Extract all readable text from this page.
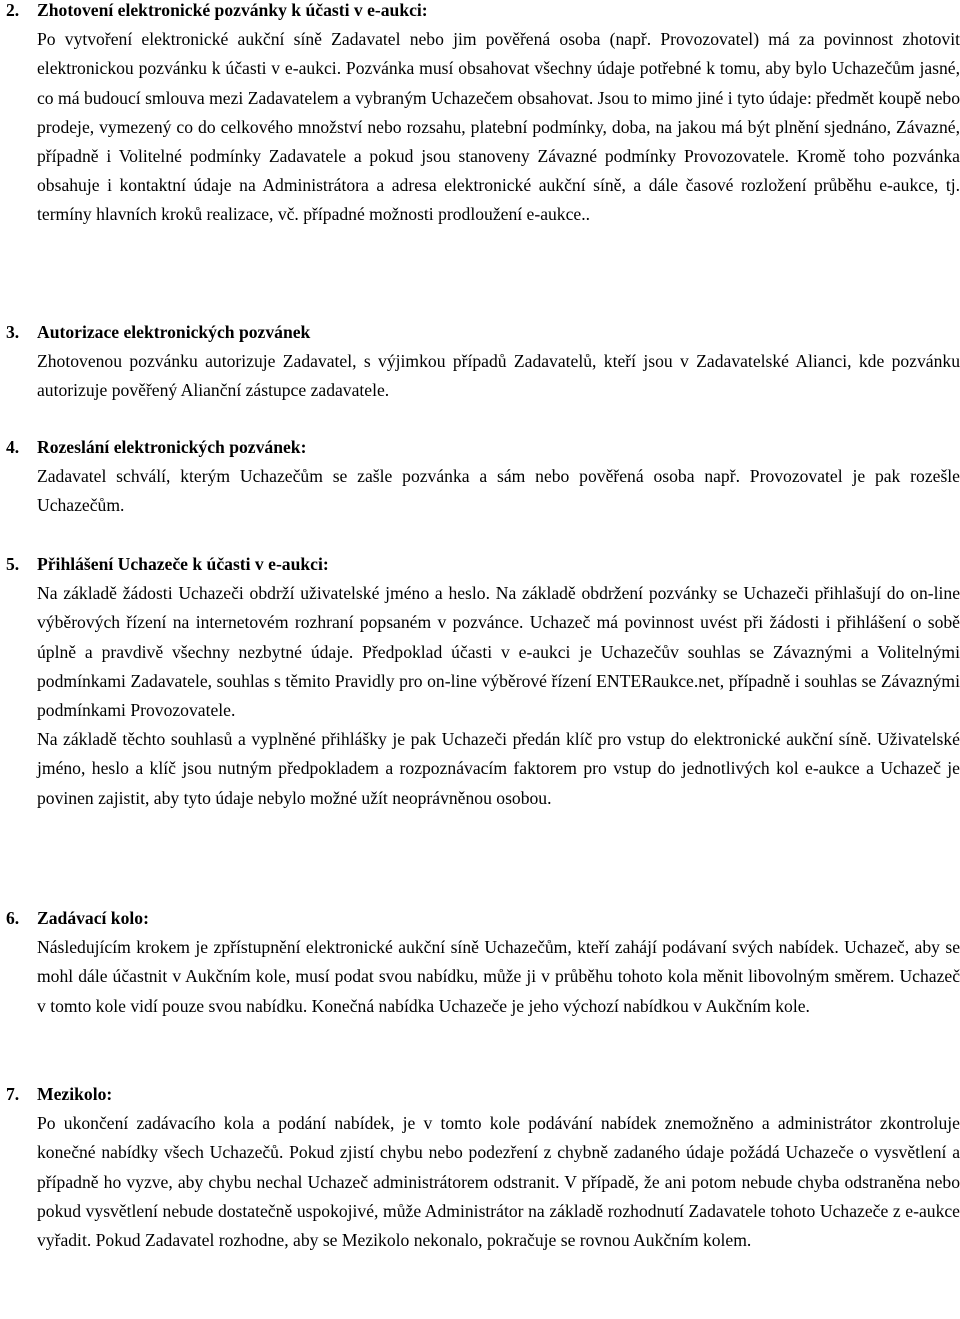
2. Zhotovení elektronické pozvánky k účasti v e-aukci:

Po vytvoření elektronické aukční síně Zadavatel nebo jim pověřená osoba (např. Provozovatel) má za povinnost zhotovit elektronickou pozvánku k účasti v e-aukci. Pozvánka musí obsahovat všechny údaje potřebné k tomu, aby bylo Uchazečům jasné, co má budoucí smlouva mezi Zadavatelem a vybraným Uchazečem obsahovat. Jsou to mimo jiné i tyto údaje: předmět koupě nebo prodeje, vymezený co do celkového množství nebo rozsahu, platební podmínky, doba, na jakou má být plnění sjednáno, Závazné, případně i Volitelné podmínky Zadavatele a pokud jsou stanoveny Závazné podmínky Provozovatele. Kromě toho pozvánka obsahuje i kontaktní údaje na Administrátora a adresa elektronické aukční síně, a dále časové rozložení průběhu e-aukce, tj. termíny hlavních kroků realizace, vč. případné možnosti prodloužení e-aukce..

3. Autorizace elektronických pozvánek

Zhotovenou pozvánku autorizuje Zadavatel, s výjimkou případů Zadavatelů, kteří jsou v Zadavatelské Alianci, kde pozvánku autorizuje pověřený Alianční zástupce zadavatele.

4. Rozeslání elektronických pozvánek:

Zadavatel schválí, kterým Uchazečům se zašle pozvánka a sám nebo pověřená osoba např. Provozovatel je pak rozešle Uchazečům.

5. Přihlášení Uchazeče k účasti v e-aukci:

Na základě žádosti Uchazeči obdrží uživatelské jméno a heslo. Na základě obdržení pozvánky se Uchazeči přihlašují do on-line výběrových řízení na internetovém rozhraní popsaném v pozvánce. Uchazeč má povinnost uvést při žádosti i přihlášení o sobě úplně a pravdivě všechny nezbytné údaje. Předpoklad účasti v e-aukci je Uchazečův souhlas se Závaznými a Volitelnými podmínkami Zadavatele, souhlas s těmito Pravidly pro on-line výběrové řízení ENTERaukce.net, případně i souhlas se Závaznými podmínkami Provozovatele.

Na základě těchto souhlasů a vyplněné přihlášky je pak Uchazeči předán klíč pro vstup do elektronické aukční síně. Uživatelské jméno, heslo a klíč jsou nutným předpokladem a rozpoznávacím faktorem pro vstup do jednotlivých kol e-aukce a Uchazeč je povinen zajistit, aby tyto údaje nebylo možné užít neoprávněnou osobou.

6. Zadávací kolo:

Následujícím krokem je zpřístupnění elektronické aukční síně Uchazečům, kteří zahájí podávaní svých nabídek. Uchazeč, aby se mohl dále účastnit v Aukčním kole, musí podat svou nabídku, může ji v průběhu tohoto kola měnit libovolným směrem. Uchazeč v tomto kole vidí pouze svou nabídku. Konečná nabídka Uchazeče je jeho výchozí nabídkou v Aukčním kole.

7. Mezikolo:

Po ukončení zadávacího kola a podání nabídek, je v tomto kole podávání nabídek znemožněno a administrátor zkontroluje konečné nabídky všech Uchazečů. Pokud zjistí chybu nebo podezření z chybně zadaného údaje požádá Uchazeče o vysvětlení a případně ho vyzve, aby chybu nechal Uchazeč administrátorem odstranit. V případě, že ani potom nebude chyba odstraněna nebo pokud vysvětlení nebude dostatečně uspokojivé, může Administrátor na základě rozhodnutí Zadavatele tohoto Uchazeče z e-aukce vyřadit. Pokud Zadavatel rozhodne, aby se Mezikolo nekonalo, pokračuje se rovnou Aukčním kolem.
